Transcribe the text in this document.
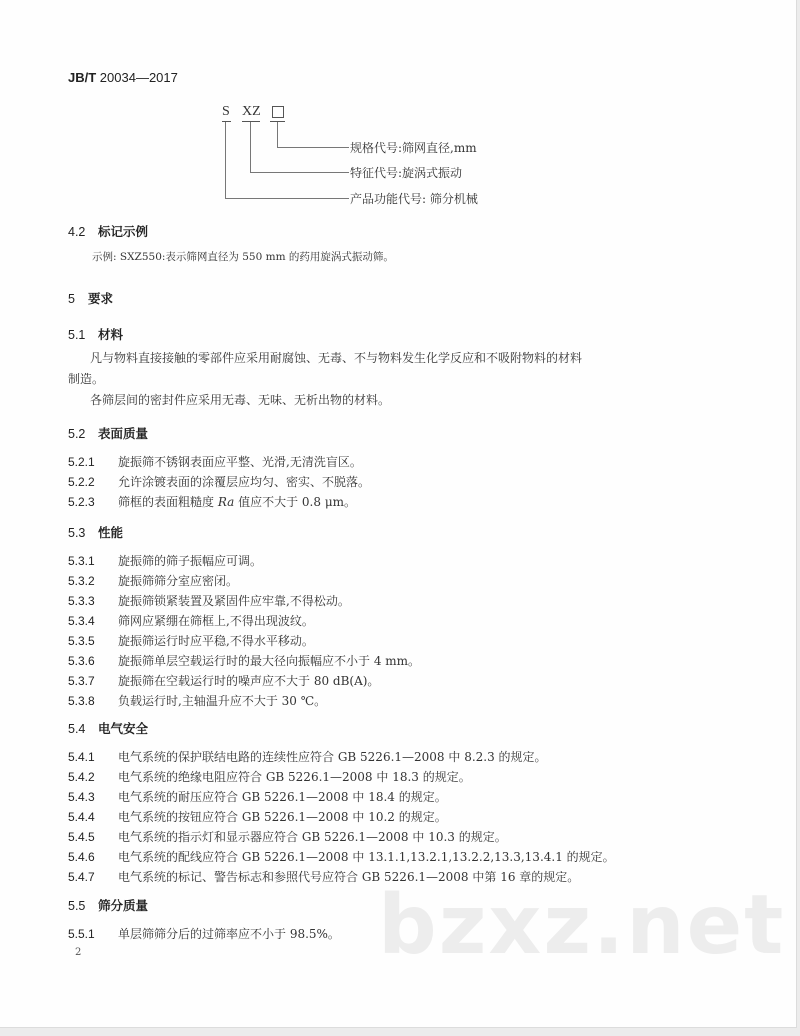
JB/T 20034—2017
S XZ
规格代号:筛网直径,mm
特征代号:旋涡式振动
产品功能代号: 筛分机械
4.2 标记示例
示例: SXZ550:表示筛网直径为 550 mm 的药用旋涡式振动筛。
5 要求
5.1 材料
凡与物料直接接触的零部件应采用耐腐蚀、无毒、不与物料发生化学反应和不吸附物料的材料
制造。
各筛层间的密封件应采用无毒、无味、无析出物的材料。
5.2 表面质量
5.2.1 旋振筛不锈钢表面应平整、光滑,无清洗盲区。
5.2.2 允许涂镀表面的涂覆层应均匀、密实、不脱落。
5.2.3 筛框的表面粗糙度 Ra 值应不大于 0.8 μm。
5.3 性能
5.3.1 旋振筛的筛子振幅应可调。
5.3.2 旋振筛筛分室应密闭。
5.3.3 旋振筛锁紧装置及紧固件应牢靠,不得松动。
5.3.4 筛网应紧绷在筛框上,不得出现波纹。
5.3.5 旋振筛运行时应平稳,不得水平移动。
5.3.6 旋振筛单层空载运行时的最大径向振幅应不小于 4 mm。
5.3.7 旋振筛在空载运行时的噪声应不大于 80 dB(A)。
5.3.8 负载运行时,主轴温升应不大于 30 ℃。
5.4 电气安全
5.4.1 电气系统的保护联结电路的连续性应符合 GB 5226.1—2008 中 8.2.3 的规定。
5.4.2 电气系统的绝缘电阻应符合 GB 5226.1—2008 中 18.3 的规定。
5.4.3 电气系统的耐压应符合 GB 5226.1—2008 中 18.4 的规定。
5.4.4 电气系统的按钮应符合 GB 5226.1—2008 中 10.2 的规定。
5.4.5 电气系统的指示灯和显示器应符合 GB 5226.1—2008 中 10.3 的规定。
5.4.6 电气系统的配线应符合 GB 5226.1—2008 中 13.1.1,13.2.1,13.2.2,13.3,13.4.1 的规定。
5.4.7 电气系统的标记、警告标志和参照代号应符合 GB 5226.1—2008 中第 16 章的规定。
bzxz.net
5.5 筛分质量
5.5.1 单层筛筛分后的过筛率应不小于 98.5%。
2
